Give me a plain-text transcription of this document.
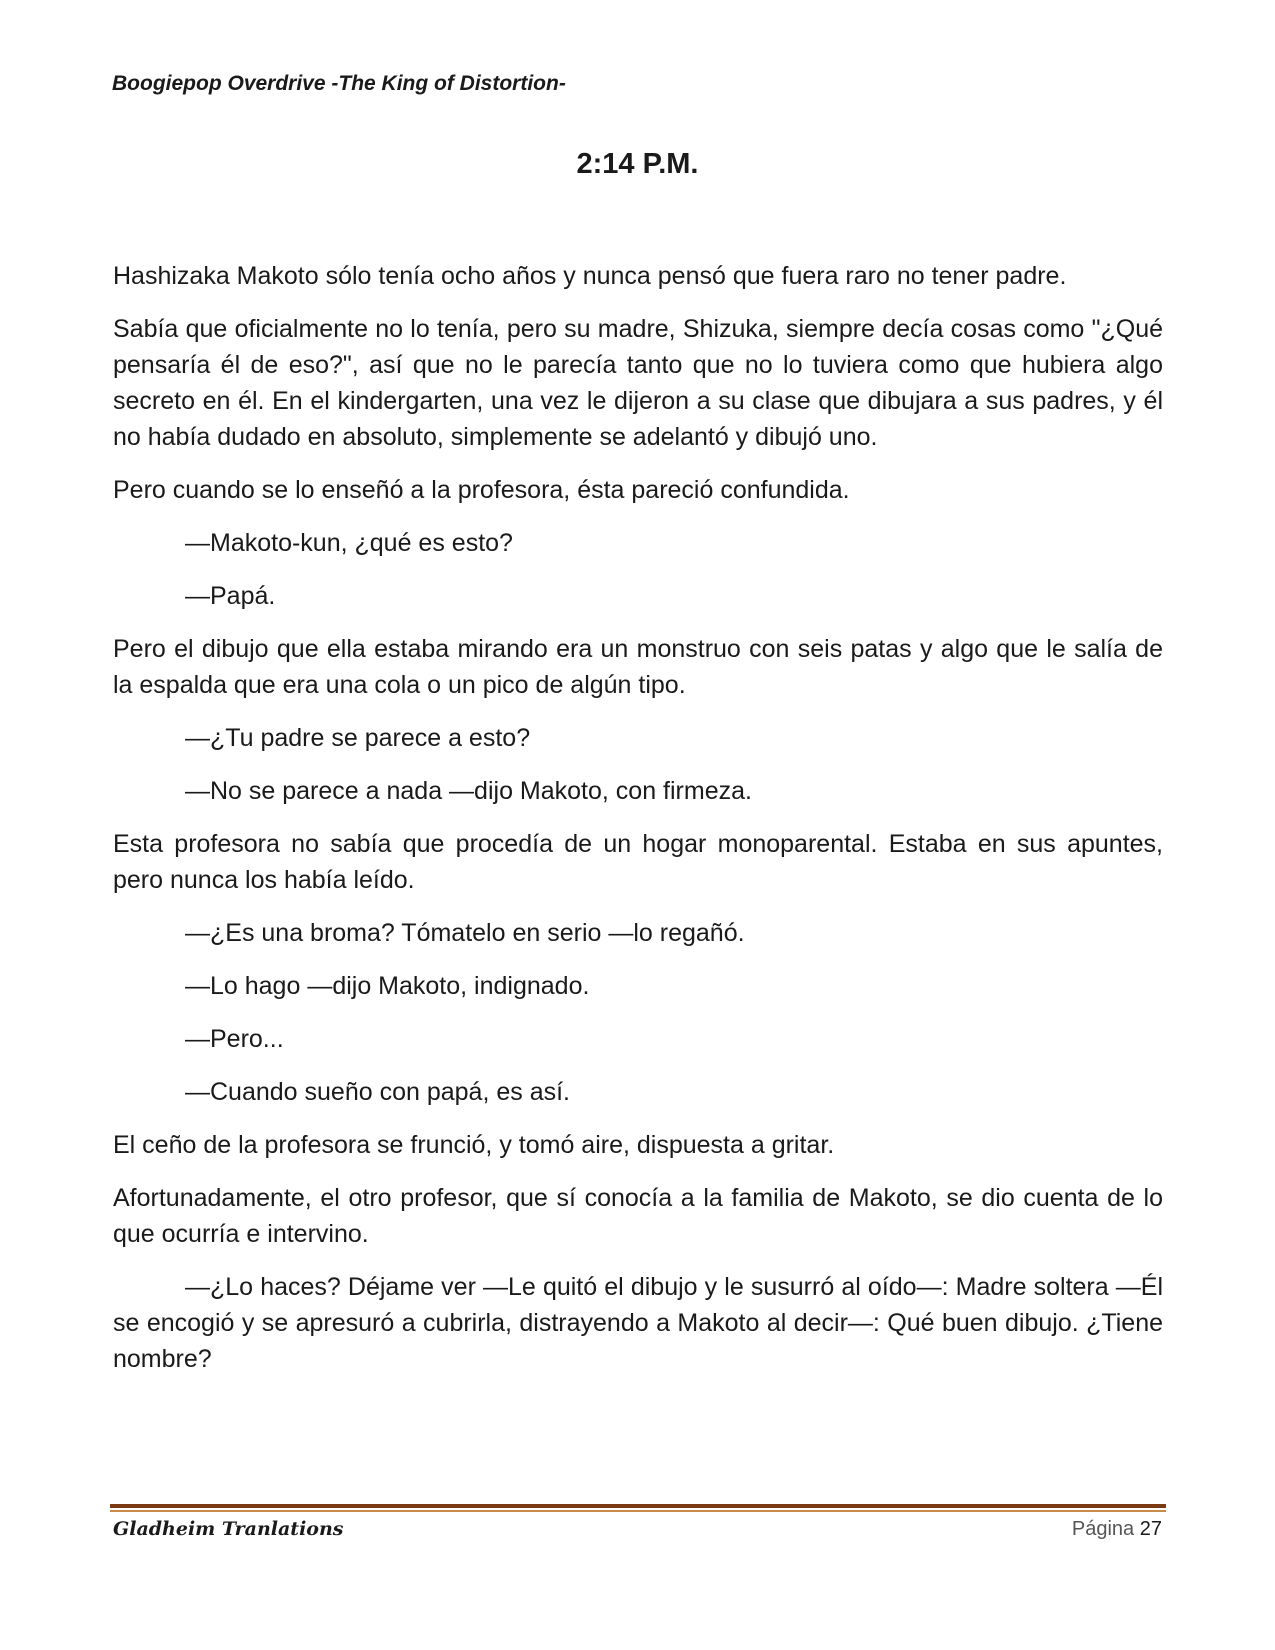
Boogiepop Overdrive -The King of Distortion-
2:14 P.M.

Hashizaka Makoto sólo tenía ocho años y nunca pensó que fuera raro no tener padre.

Sabía que oficialmente no lo tenía, pero su madre, Shizuka, siempre decía cosas como "¿Qué pensaría él de eso?", así que no le parecía tanto que no lo tuviera como que hubiera algo secreto en él. En el kindergarten, una vez le dijeron a su clase que dibujara a sus padres, y él no había dudado en absoluto, simplemente se adelantó y dibujó uno.

Pero cuando se lo enseñó a la profesora, ésta pareció confundida.

—Makoto-kun, ¿qué es esto?

—Papá.

Pero el dibujo que ella estaba mirando era un monstruo con seis patas y algo que le salía de la espalda que era una cola o un pico de algún tipo.

—¿Tu padre se parece a esto?

—No se parece a nada —dijo Makoto, con firmeza.

Esta profesora no sabía que procedía de un hogar monoparental. Estaba en sus apuntes, pero nunca los había leído.

—¿Es una broma? Tómatelo en serio —lo regañó.

—Lo hago —dijo Makoto, indignado.

—Pero...

—Cuando sueño con papá, es así.

El ceño de la profesora se frunció, y tomó aire, dispuesta a gritar.

Afortunadamente, el otro profesor, que sí conocía a la familia de Makoto, se dio cuenta de lo que ocurría e intervino.

—¿Lo haces? Déjame ver —Le quitó el dibujo y le susurró al oído—: Madre soltera —Él se encogió y se apresuró a cubrirla, distrayendo a Makoto al decir—: Qué buen dibujo. ¿Tiene nombre?

Gladheim Tranlations	Página 27
